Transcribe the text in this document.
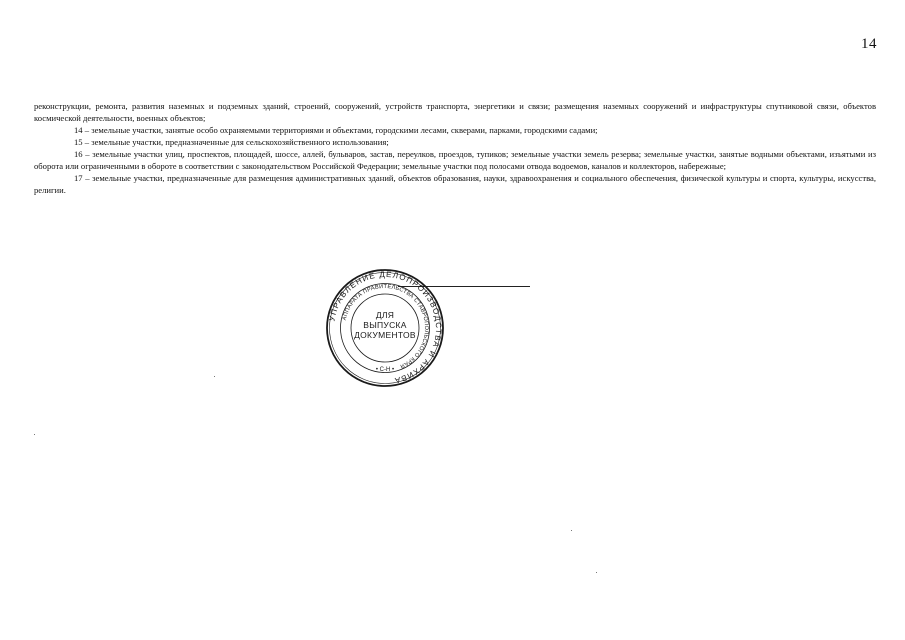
14

реконструкции, ремонта, развития наземных и подземных зданий, строений, сооружений, устройств транспорта, энергетики и связи; размещения наземных сооружений и инфраструктуры спутниковой связи, объектов космической деятельности, военных объектов;

14 – земельные участки, занятые особо охраняемыми территориями и объектами, городскими лесами, скверами, парками, городскими садами;

15 – земельные участки, предназначенные для сельскохозяйственного использования;

16 – земельные участки улиц, проспектов, площадей, шоссе, аллей, бульваров, застав, переулков, проездов, тупиков; земельные участки земель резерва; земельные участки, занятые водными объектами, изъятыми из оборота или ограниченными в обороте в соответствии с законодательством Российской Федерации; земельные участки под полосами отвода водоемов, каналов и коллекторов, набережные;

17 – земельные участки, предназначенные для размещения административных зданий, объектов образования, науки, здравоохранения и социального обеспечения, физической культуры и спорта, культуры, искусства, религии.

УПРАВЛЕНИЕ ДЕЛОПРОИЗВОДСТВА И АРХИВА
АППАРАТА ПРАВИТЕЛЬСТВА СТАВРОПОЛЬСКОГО КРАЯ
• С-Н •
ДЛЯ
ВЫПУСКА
ДОКУМЕНТОВ
